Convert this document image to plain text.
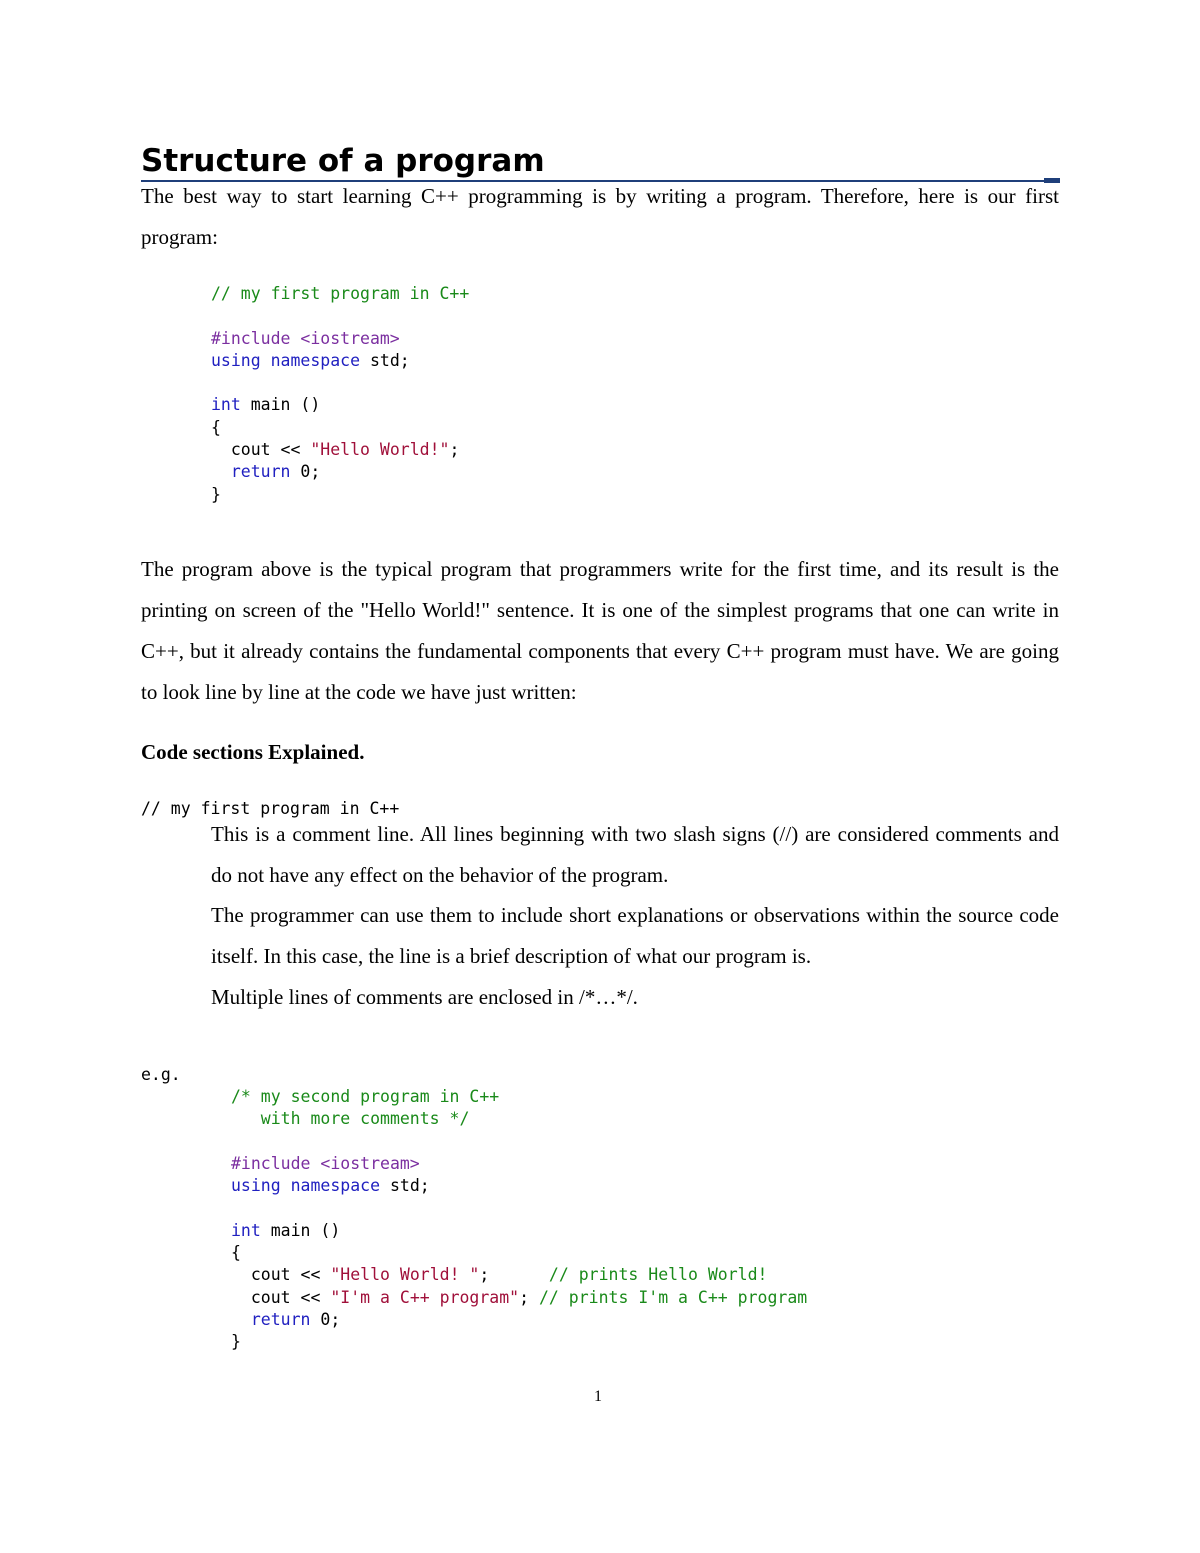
Structure of a program
The best way to start learning C++ programming is by writing a program. Therefore, here is our first program:
// my first program in C++

#include <iostream>
using namespace std;

int main ()
{
cout << "Hello World!";
return 0;
}
The program above is the typical program that programmers write for the first time, and its result is the printing on screen of the "Hello World!" sentence. It is one of the simplest programs that one can write in C++, but it already contains the fundamental components that every C++ program must have. We are going to look line by line at the code we have just written:
Code sections Explained.
// my first program in C++
This is a comment line. All lines beginning with two slash signs (//) are considered comments and do not have any effect on the behavior of the program.
The programmer can use them to include short explanations or observations within the source code itself. In this case, the line is a brief description of what our program is.
Multiple lines of comments are enclosed in /*…*/.
e.g.
/* my second program in C++
with more comments */

#include <iostream>
using namespace std;

int main ()
{
cout << "Hello World! ";      // prints Hello World!
cout << "I'm a C++ program"; // prints I'm a C++ program
return 0;
}
1
